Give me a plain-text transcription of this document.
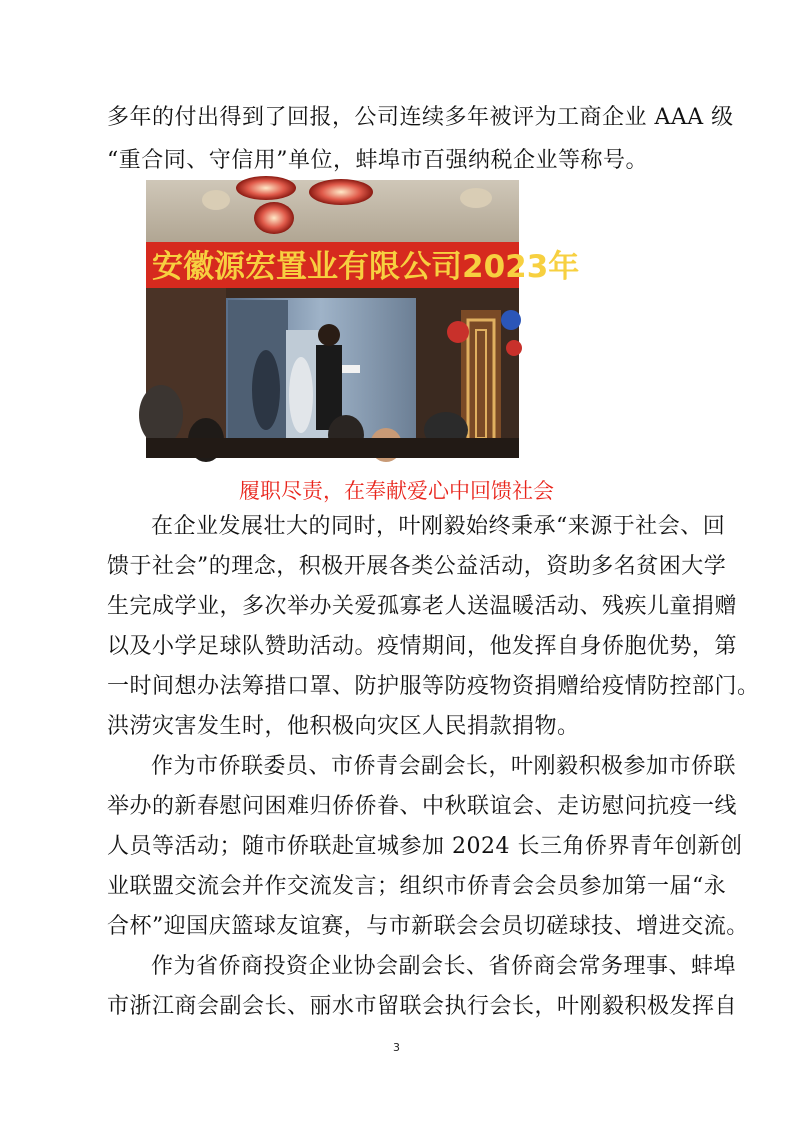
多年的付出得到了回报，公司连续多年被评为工商企业 AAA 级
“重合同、守信用”单位，蚌埠市百强纳税企业等称号。
安徽源宏置业有限公司2023年
履职尽责，在奉献爱心中回馈社会
在企业发展壮大的同时，叶刚毅始终秉承“来源于社会、回
馈于社会”的理念，积极开展各类公益活动，资助多名贫困大学
生完成学业，多次举办关爱孤寡老人送温暖活动、残疾儿童捐赠
以及小学足球队赞助活动。疫情期间，他发挥自身侨胞优势，第
一时间想办法筹措口罩、防护服等防疫物资捐赠给疫情防控部门。
洪涝灾害发生时，他积极向灾区人民捐款捐物。
作为市侨联委员、市侨青会副会长，叶刚毅积极参加市侨联
举办的新春慰问困难归侨侨眷、中秋联谊会、走访慰问抗疫一线
人员等活动；随市侨联赴宣城参加 2024 长三角侨界青年创新创
业联盟交流会并作交流发言；组织市侨青会会员参加第一届“永
合杯”迎国庆篮球友谊赛，与市新联会会员切磋球技、增进交流。
作为省侨商投资企业协会副会长、省侨商会常务理事、蚌埠
市浙江商会副会长、丽水市留联会执行会长，叶刚毅积极发挥自
3
